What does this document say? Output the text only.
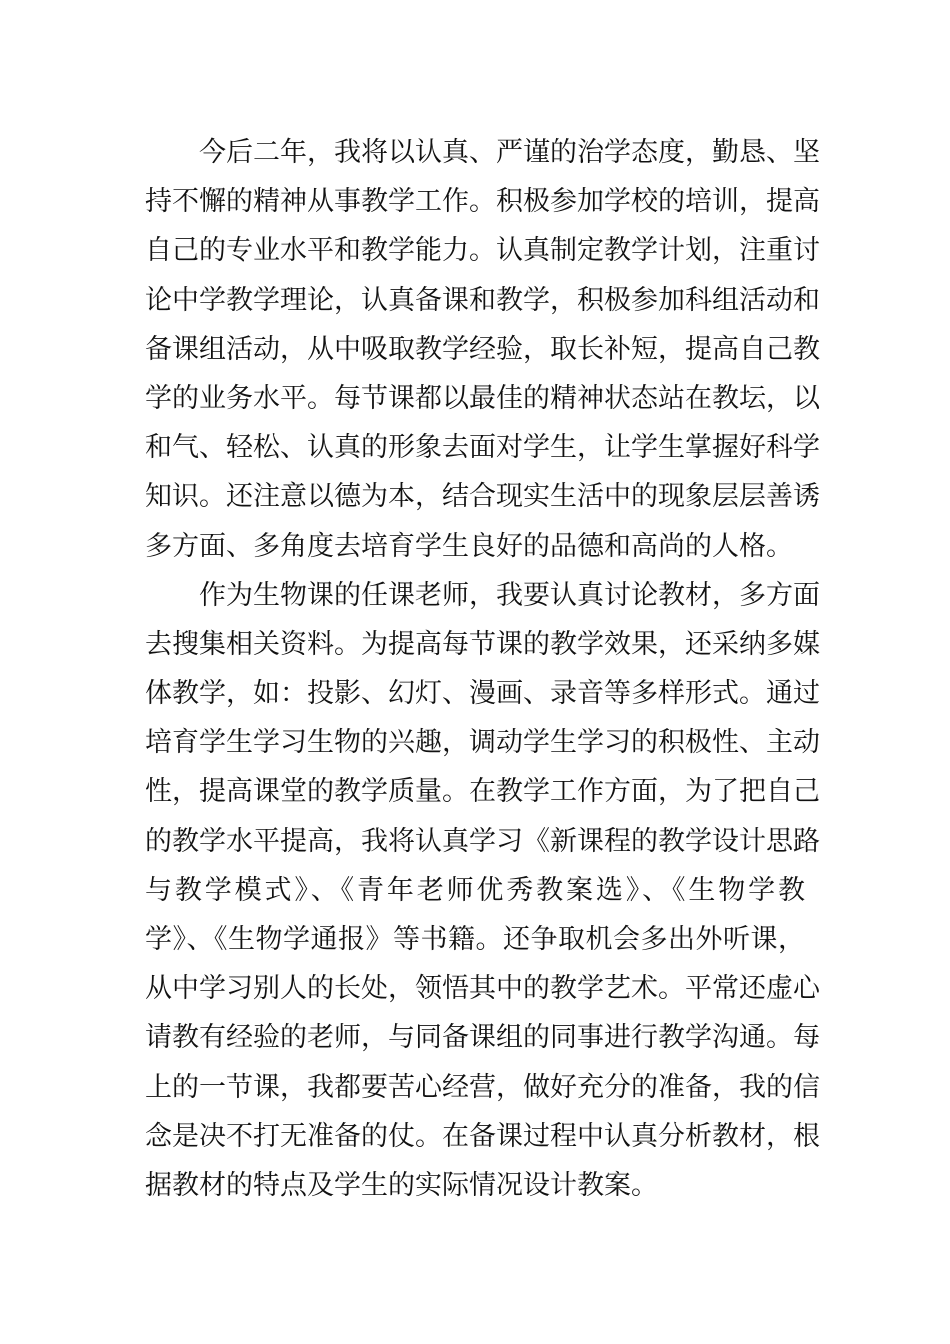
今后二年，我将以认真、严谨的治学态度，勤恳、坚
持不懈的精神从事教学工作。积极参加学校的培训，提高
自己的专业水平和教学能力。认真制定教学计划，注重讨
论中学教学理论，认真备课和教学，积极参加科组活动和
备课组活动，从中吸取教学经验，取长补短，提高自己教
学的业务水平。每节课都以最佳的精神状态站在教坛，以
和气、轻松、认真的形象去面对学生，让学生掌握好科学
知识。还注意以德为本，结合现实生活中的现象层层善诱
多方面、多角度去培育学生良好的品德和高尚的人格。
作为生物课的任课老师，我要认真讨论教材，多方面
去搜集相关资料。为提高每节课的教学效果，还采纳多媒
体教学，如：投影、幻灯、漫画、录音等多样形式。通过
培育学生学习生物的兴趣，调动学生学习的积极性、主动
性，提高课堂的教学质量。在教学工作方面，为了把自己
的教学水平提高，我将认真学习《新课程的教学设计思路
与教学模式》、《青年老师优秀教案选》、《生物学教
学》、《生物学通报》等书籍。还争取机会多出外听课，
从中学习别人的长处，领悟其中的教学艺术。平常还虚心
请教有经验的老师，与同备课组的同事进行教学沟通。每
上的一节课，我都要苦心经营，做好充分的准备，我的信
念是决不打无准备的仗。在备课过程中认真分析教材，根
据教材的特点及学生的实际情况设计教案。
